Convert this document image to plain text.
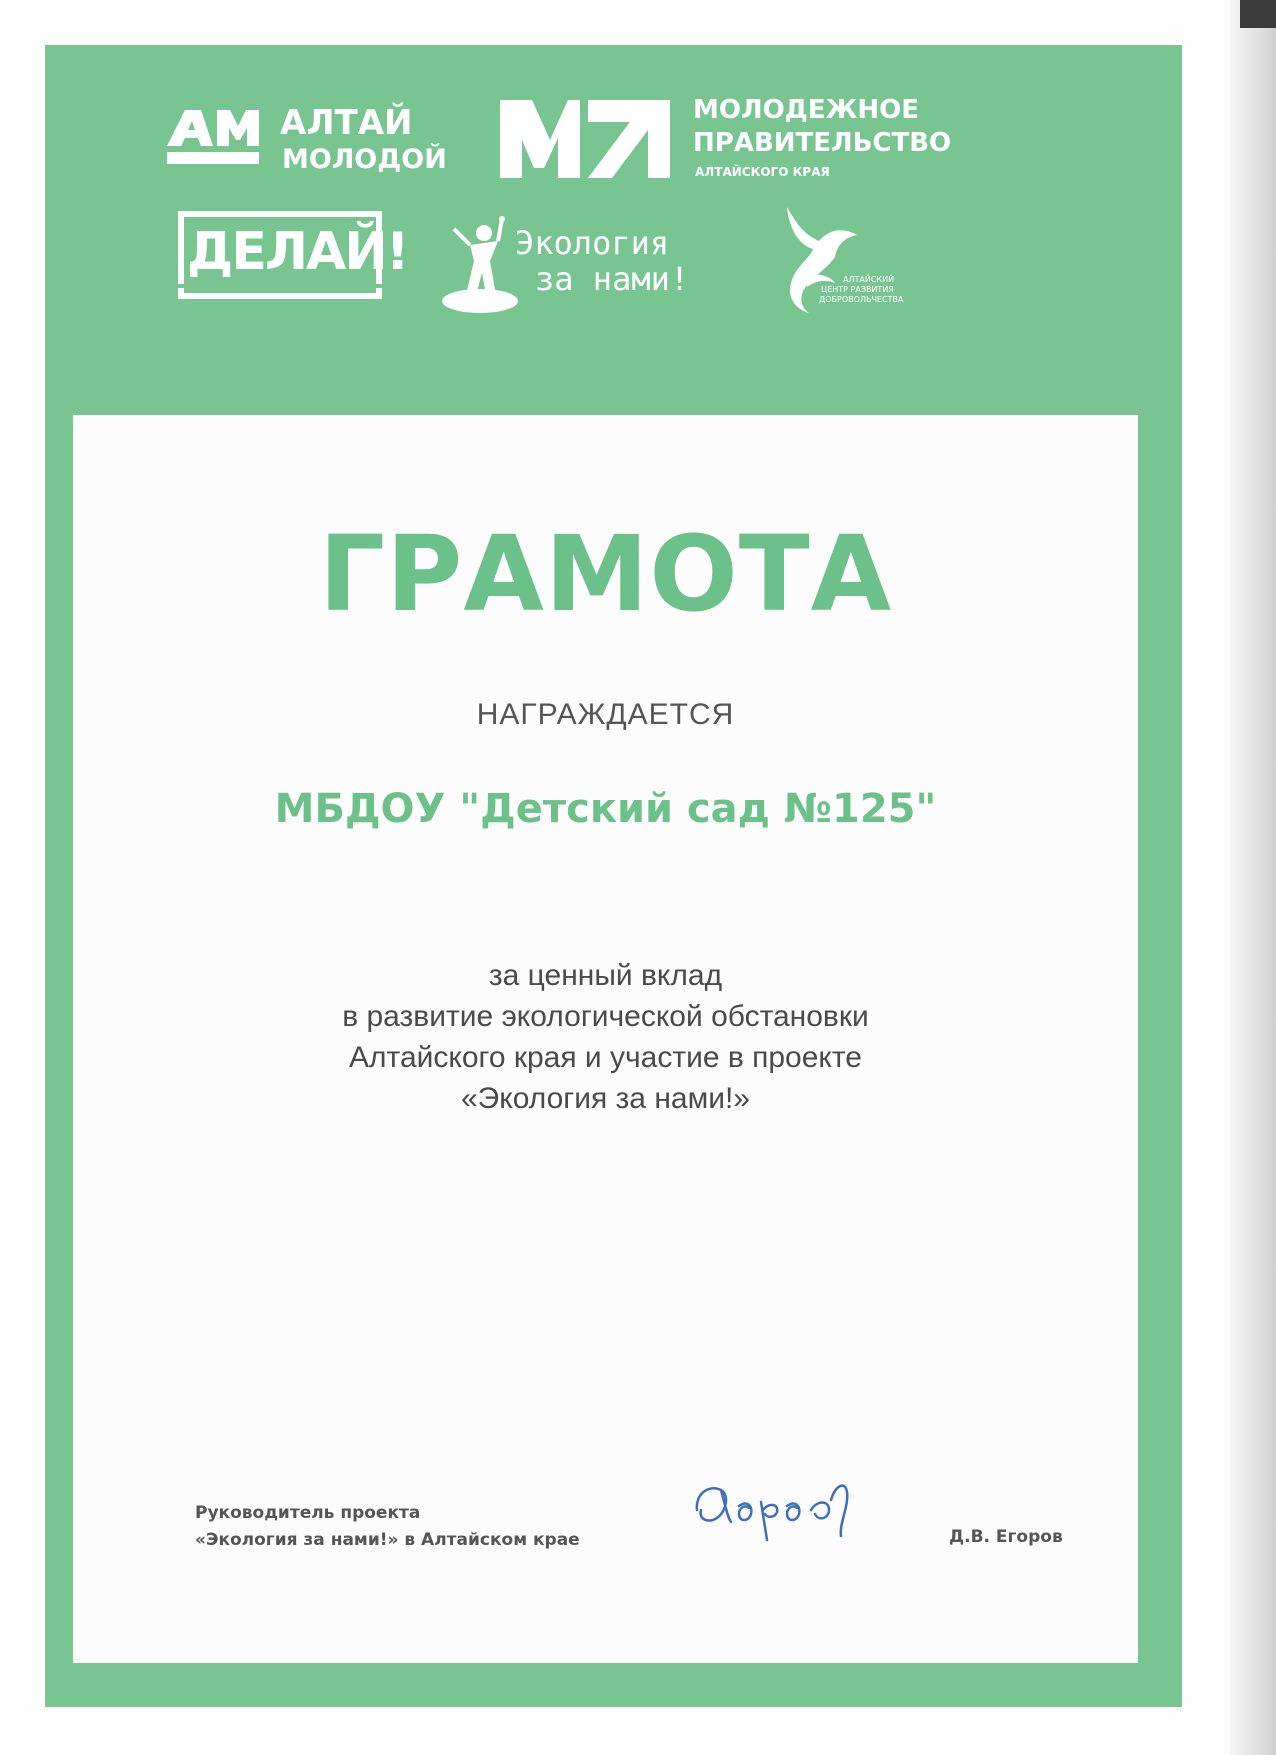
АЛТАЙ
МОЛОДОЙ
МОЛОДЕЖНОЕ
ПРАВИТЕЛЬСТВО
АЛТАЙСКОГО КРАЯ
ДЕЛАЙ!	Экология
за нами!	АЛТАЙСКИЙ
ЦЕНТР РАЗВИТИЯ
ДОБРОВОЛЬЧЕСТВА
ГРАМОТА
НАГРАЖДАЕТСЯ
МБДОУ "Детский сад №125"
за ценный вклад
в развитие экологической обстановки
Алтайского края и участие в проекте
«Экология за нами!»
Руководитель проекта
«Экология за нами!» в Алтайском крае	Д.В. Егоров
